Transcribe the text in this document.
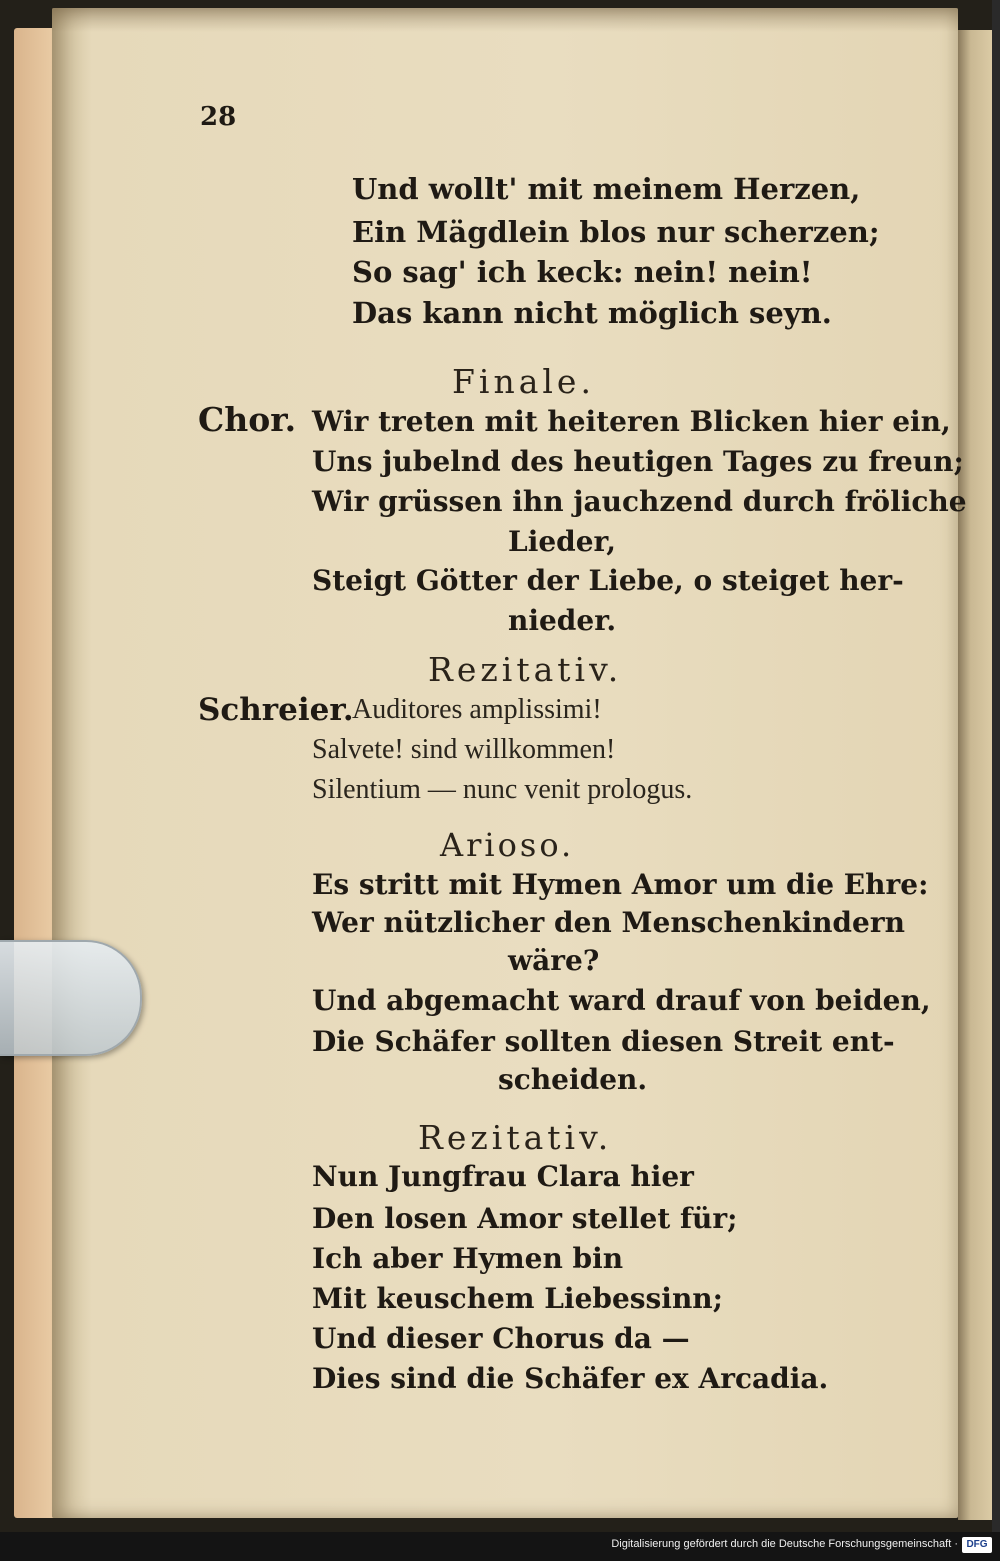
28
Und wollt' mit meinem Herzen,
Ein Mägdlein blos nur scherzen;
So sag' ich keck: nein! nein!
Das kann nicht möglich seyn.
Finale.
Chor. Wir treten mit heiteren Blicken hier ein,
Uns jubelnd des heutigen Tages zu freun;
Wir grüssen ihn jauchzend durch fröliche
Lieder,
Steigt Götter der Liebe, o steiget her-
nieder.
Rezitativ.
Schreier.
Auditores amplissimi!
Salvete! sind willkommen!
Silentium — nunc venit prologus.
Arioso.
Es stritt mit Hymen Amor um die Ehre:
Wer nützlicher den Menschenkindern
wäre?
Und abgemacht ward drauf von beiden,
Die Schäfer sollten diesen Streit ent-
scheiden.
Rezitativ.
Nun Jungfrau Clara hier
Den losen Amor stellet für;
Ich aber Hymen bin
Mit keuschem Liebessinn;
Und dieser Chorus da —
Dies sind die Schäfer ex Arcadia.
Digitalisierung gefördert durch die Deutsche Forschungsgemeinschaft · DFG
